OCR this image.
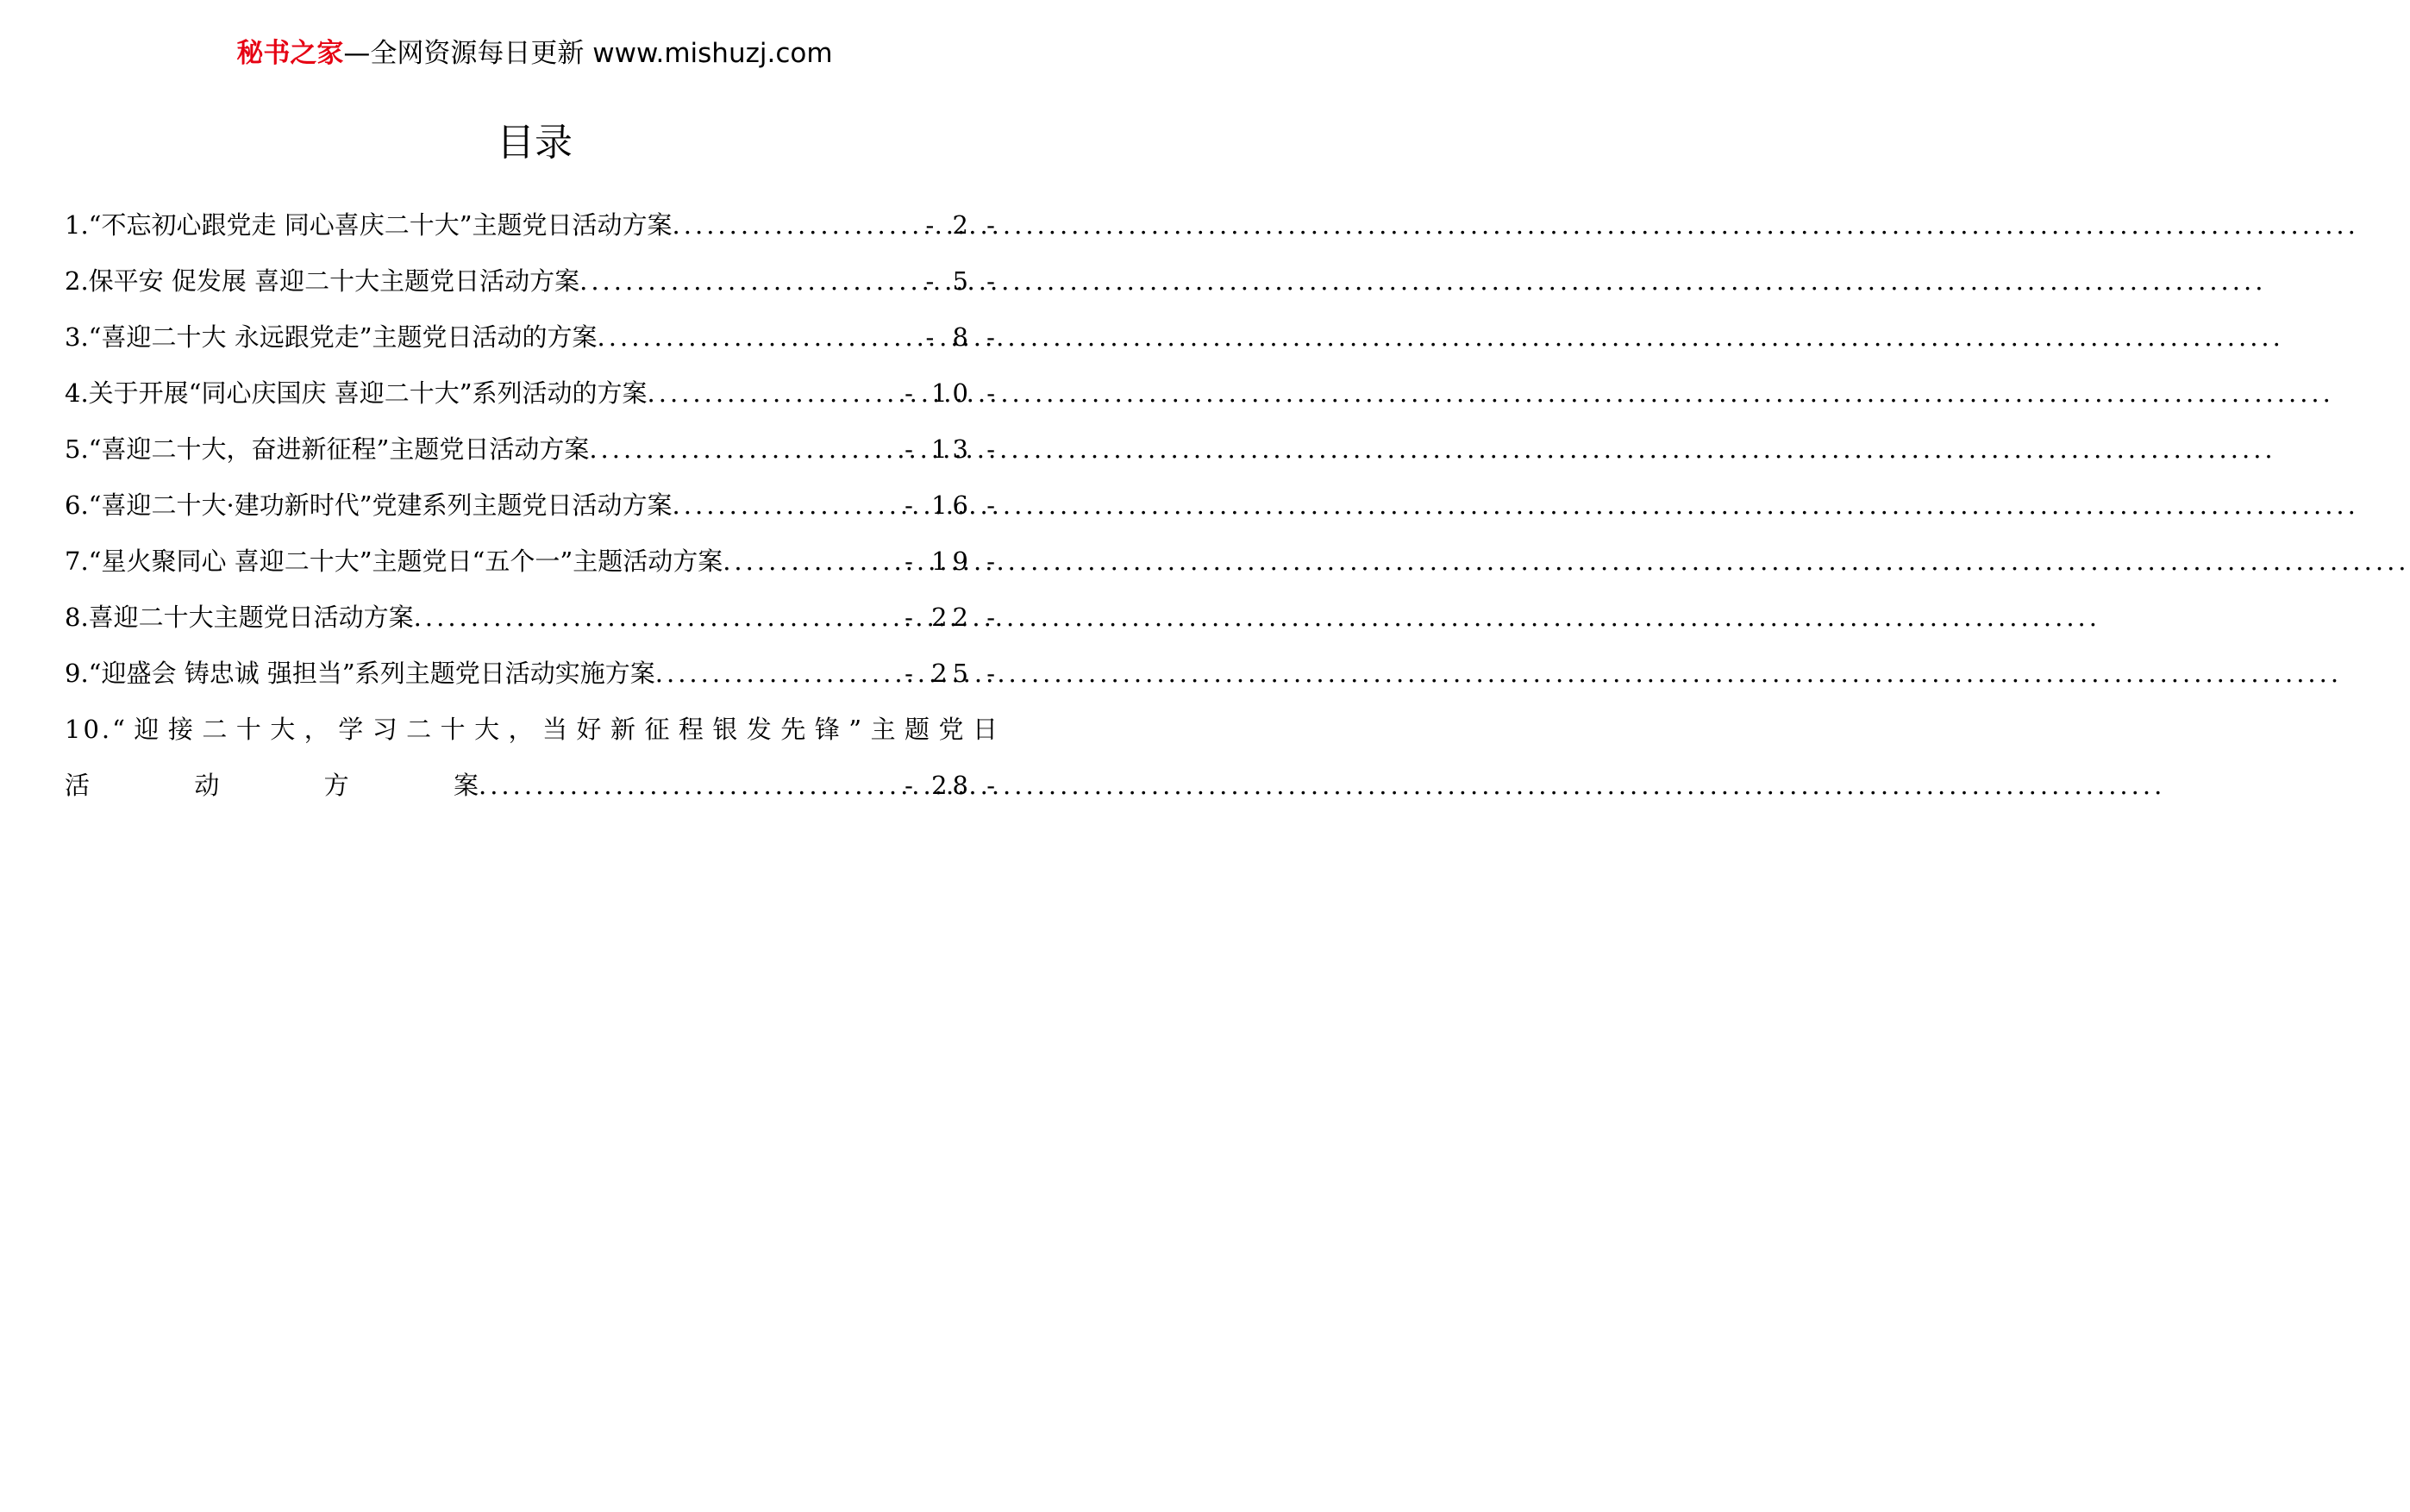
秘书之家—全网资源每日更新 www.mishuzj.com
目录
1.“不忘初心跟党走 同心喜庆二十大”主题党日活动方案 .....	- 2 -
2.保平安 促发展 喜迎二十大主题党日活动方案 .....	- 5 -
3.“喜迎二十大 永远跟党走”主题党日活动的方案 .....	- 8 -
4.关于开展“同心庆国庆 喜迎二十大”系列活动的方案 .....	- 10 -
5.“喜迎二十大，奋进新征程”主题党日活动方案 .....	- 13 -
6.“喜迎二十大·建功新时代”党建系列主题党日活动方案 .....	- 16 -
7.“星火聚同心 喜迎二十大”主题党日“五个一”主题活动方案 .....	- 19 -
8.喜迎二十大主题党日活动方案 .....	- 22 -
9.“迎盛会 铸忠诚 强担当”系列主题党日活动实施方案 .....	- 25 -
10.“迎接二十大，学习二十大，当好新征程银发先锋”主题党日
活	动	方	案 .....	- 28 -
